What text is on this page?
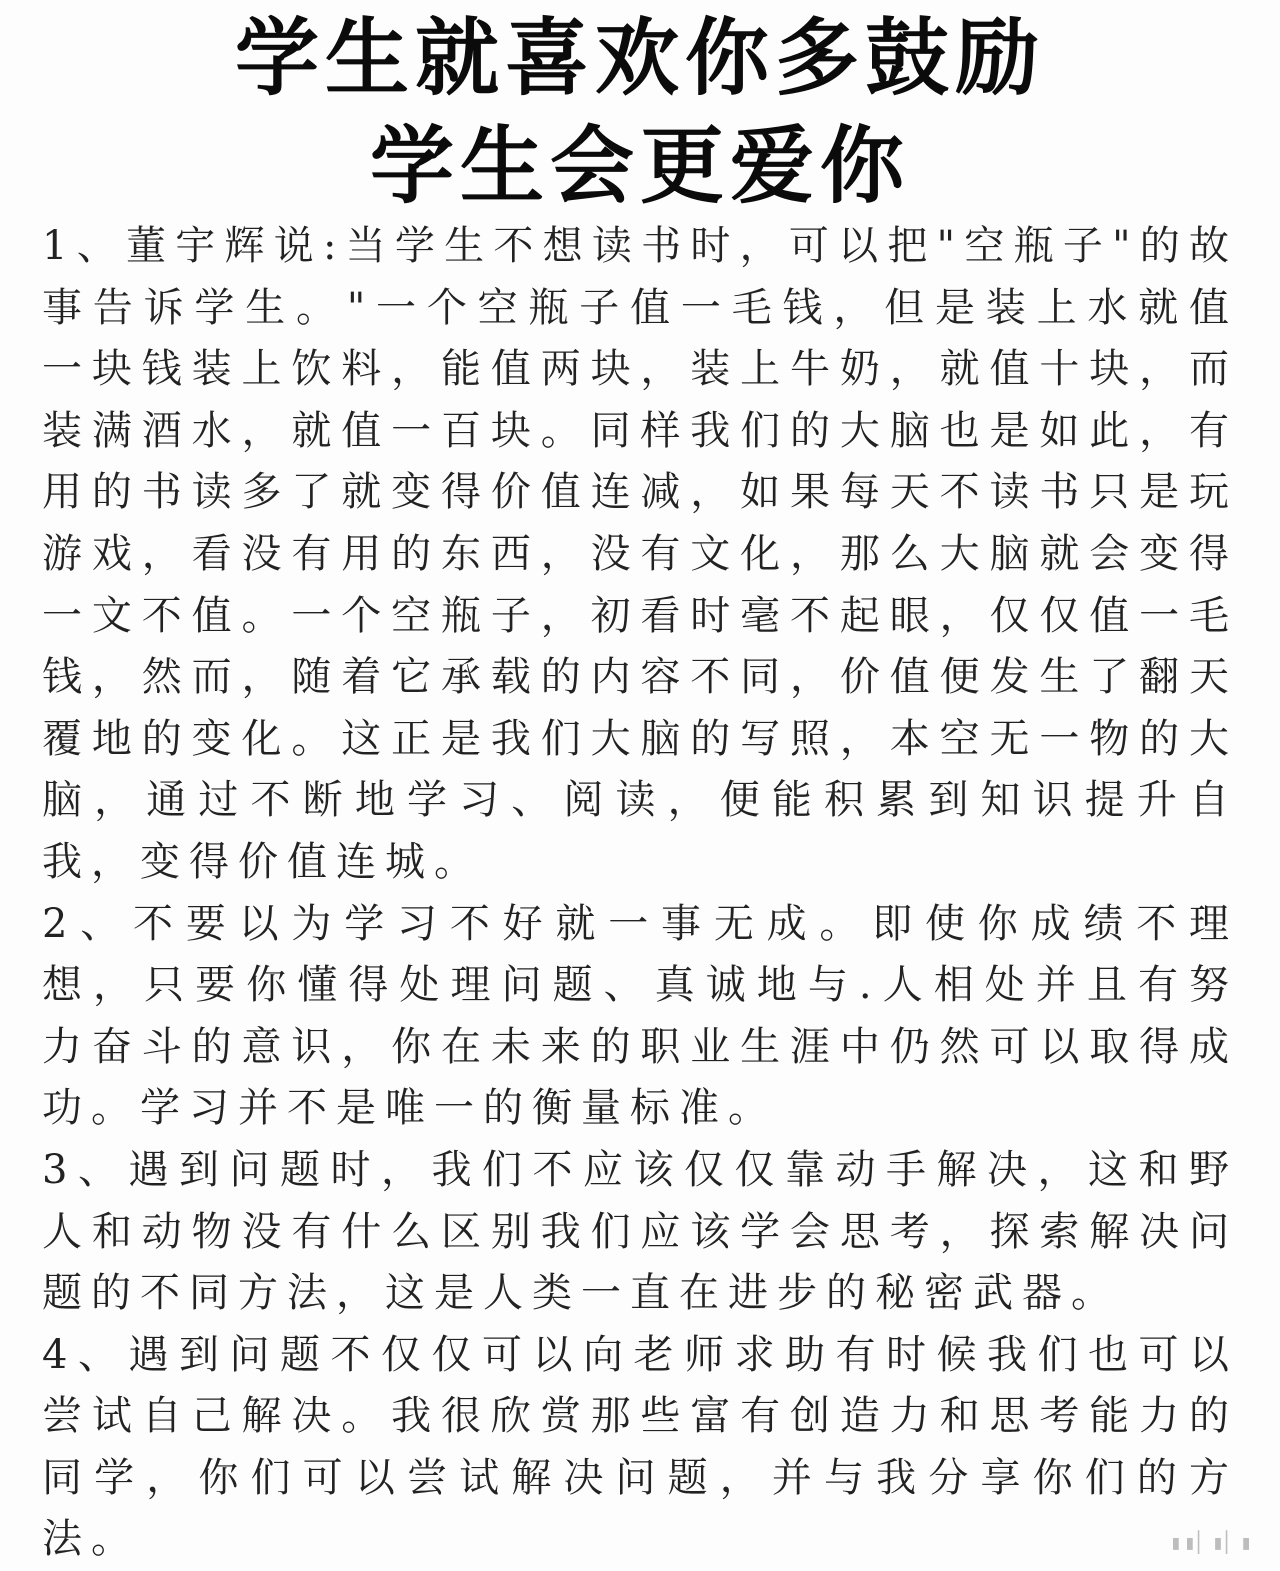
学生就喜欢你多鼓励
学生会更爱你

1、董宇辉说:当学生不想读书时，可以把"空瓶子"的故事告诉学生。"一个空瓶子值一毛钱，但是装上水就值一块钱装上饮料，能值两块，装上牛奶，就值十块，而装满酒水，就值一百块。同样我们的大脑也是如此，有用的书读多了就变得价值连减，如果每天不读书只是玩游戏，看没有用的东西，没有文化，那么大脑就会变得一文不值。一个空瓶子，初看时毫不起眼，仅仅值一毛钱，然而，随着它承载的内容不同，价值便发生了翻天覆地的变化。这正是我们大脑的写照，本空无一物的大脑，通过不断地学习、阅读，便能积累到知识提升自我，变得价值连城。

2、不要以为学习不好就一事无成。即使你成绩不理想，只要你懂得处理问题、真诚地与.人相处并且有努力奋斗的意识，你在未来的职业生涯中仍然可以取得成功。学习并不是唯一的衡量标准。

3、遇到问题时，我们不应该仅仅靠动手解决，这和野人和动物没有什么区别我们应该学会思考，探索解决问题的不同方法，这是人类一直在进步的秘密武器。

4、遇到问题不仅仅可以向老师求助有时候我们也可以尝试自己解决。我很欣赏那些富有创造力和思考能力的同学，你们可以尝试解决问题，并与我分享你们的方法。	▮▮▏▮▏▮
